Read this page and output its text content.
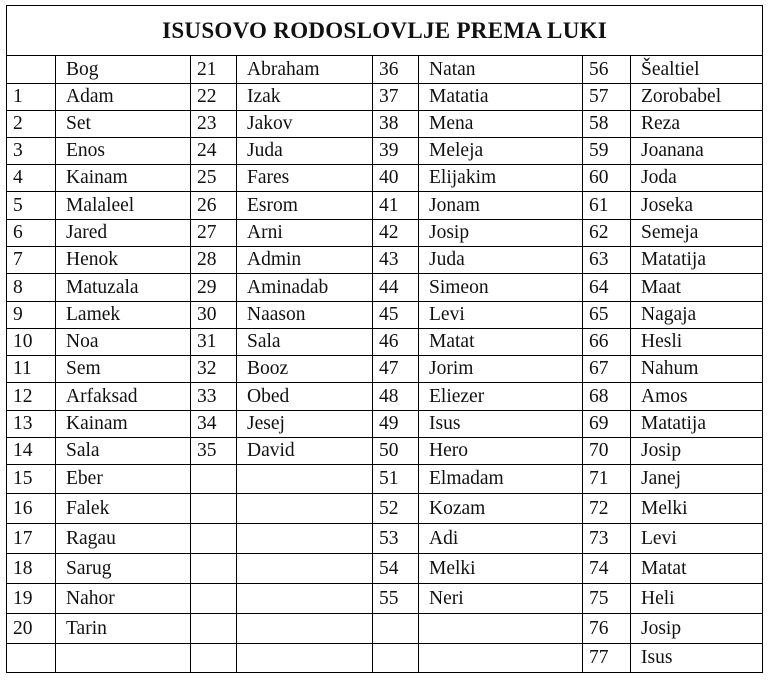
ISUSOVO RODOSLOVLJE PREMA LUKI							
	Bog	21	Abraham	36	Natan	56	Šealtiel
1	Adam	22	Izak	37	Matatia	57	Zorobabel
2	Set	23	Jakov	38	Mena	58	Reza
3	Enos	24	Juda	39	Meleja	59	Joanana
4	Kainam	25	Fares	40	Elijakim	60	Joda
5	Malaleel	26	Esrom	41	Jonam	61	Joseka
6	Jared	27	Arni	42	Josip	62	Semeja
7	Henok	28	Admin	43	Juda	63	Matatija
8	Matuzala	29	Aminadab	44	Simeon	64	Maat
9	Lamek	30	Naason	45	Levi	65	Nagaja
10	Noa	31	Sala	46	Matat	66	Hesli
11	Sem	32	Booz	47	Jorim	67	Nahum
12	Arfaksad	33	Obed	48	Eliezer	68	Amos
13	Kainam	34	Jesej	49	Isus	69	Matatija
14	Sala	35	David	50	Hero	70	Josip
15	Eber			51	Elmadam	71	Janej
16	Falek			52	Kozam	72	Melki
17	Ragau			53	Adi	73	Levi
18	Sarug			54	Melki	74	Matat
19	Nahor			55	Neri	75	Heli
20	Tarin					76	Josip
						77	Isus
